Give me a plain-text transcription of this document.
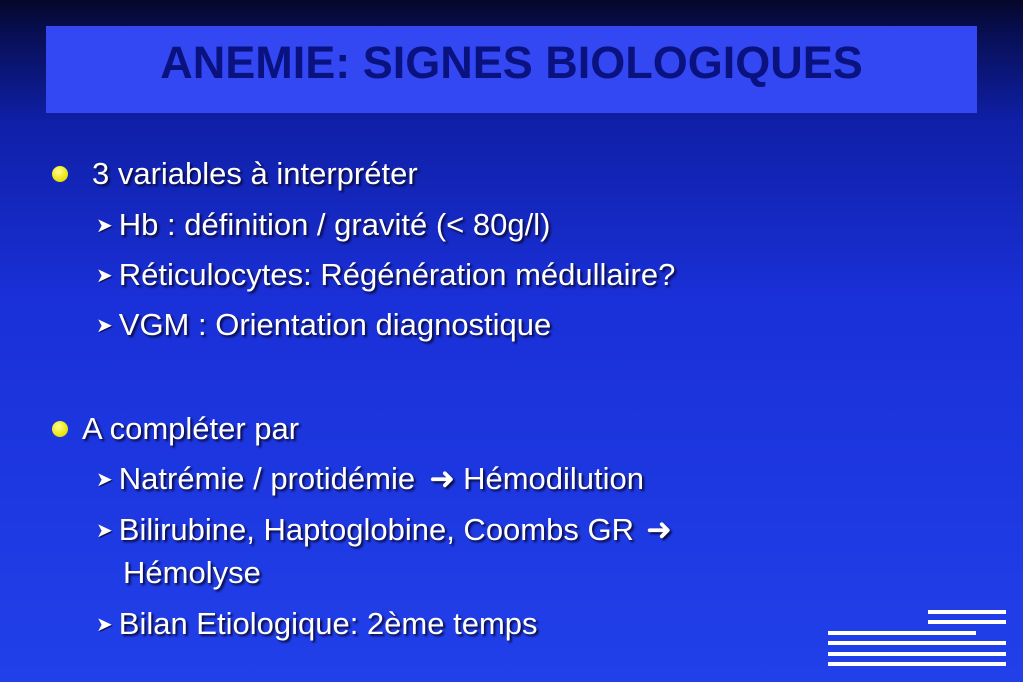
ANEMIE: SIGNES BIOLOGIQUES
3 variables à interpréter
➤ Hb : définition / gravité (< 80g/l)
➤ Réticulocytes: Régénération médullaire?
➤ VGM : Orientation diagnostique
A compléter par
➤ Natrémie / protidémie ➜ Hémodilution
➤ Bilirubine, Haptoglobine, Coombs GR ➜
Hémolyse
➤ Bilan Etiologique: 2ème temps
